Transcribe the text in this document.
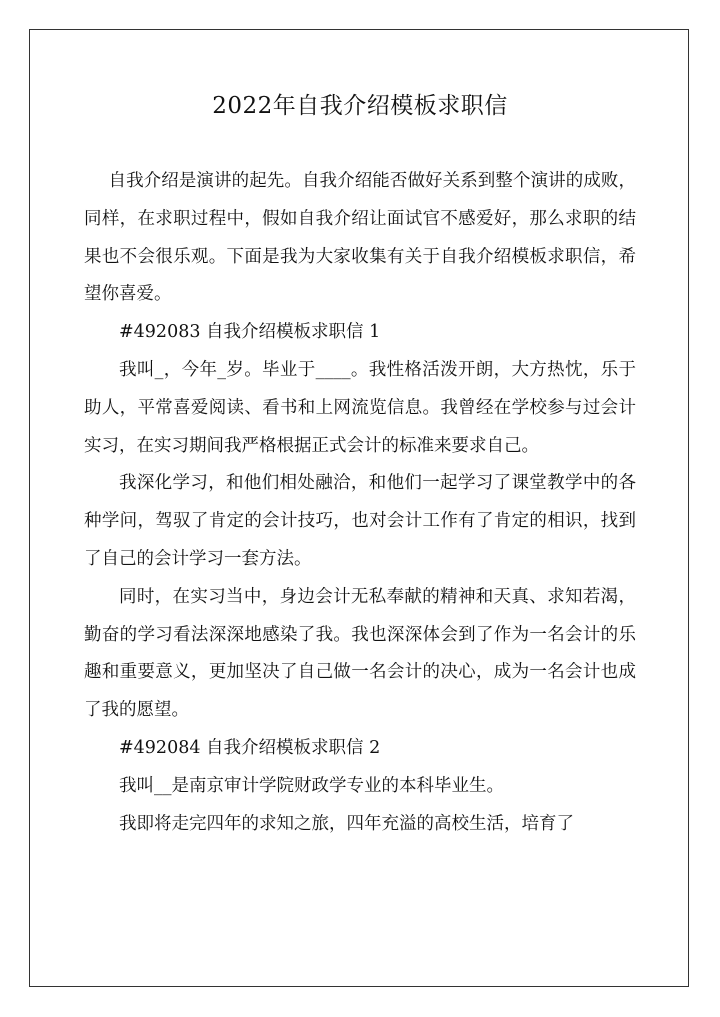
2022年自我介绍模板求职信

自我介绍是演讲的起先。自我介绍能否做好关系到整个演讲的成败，同样，在求职过程中，假如自我介绍让面试官不感爱好，那么求职的结果也不会很乐观。下面是我为大家收集有关于自我介绍模板求职信，希望你喜爱。

#492083 自我介绍模板求职信 1

我叫_，今年_岁。毕业于____。我性格活泼开朗，大方热忱，乐于助人，平常喜爱阅读、看书和上网流览信息。我曾经在学校参与过会计实习，在实习期间我严格根据正式会计的标准来要求自己。

我深化学习，和他们相处融洽，和他们一起学习了课堂教学中的各种学问，驾驭了肯定的会计技巧，也对会计工作有了肯定的相识，找到了自己的会计学习一套方法。

同时，在实习当中，身边会计无私奉献的精神和天真、求知若渴，勤奋的学习看法深深地感染了我。我也深深体会到了作为一名会计的乐趣和重要意义，更加坚决了自己做一名会计的决心，成为一名会计也成了我的愿望。

#492084 自我介绍模板求职信 2

我叫__是南京审计学院财政学专业的本科毕业生。

我即将走完四年的求知之旅，四年充溢的高校生活，培育了
